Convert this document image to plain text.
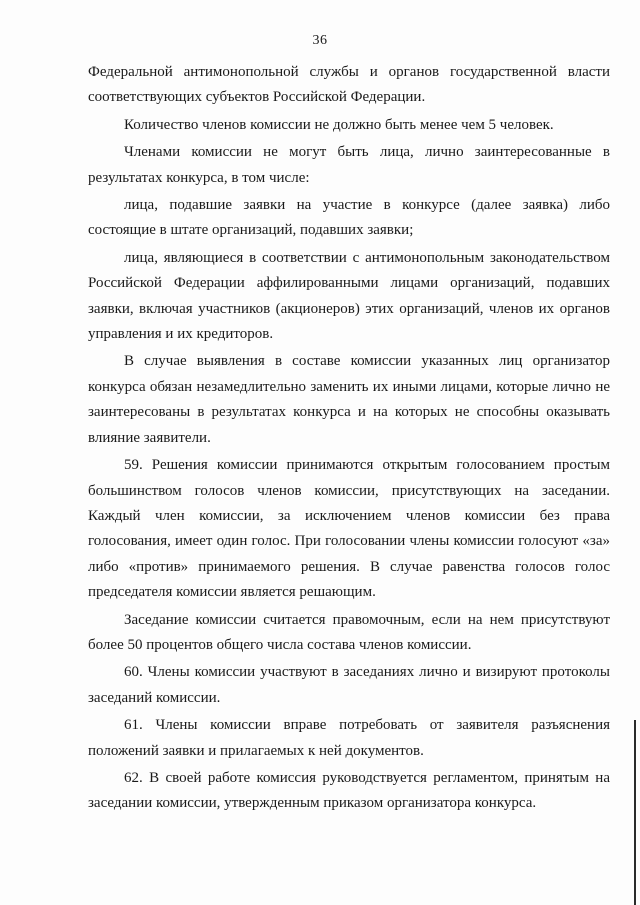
36

Федеральной антимонопольной службы и органов государственной власти соответствующих субъектов Российской Федерации.

Количество членов комиссии не должно быть менее чем 5 человек.

Членами комиссии не могут быть лица, лично заинтересованные в результатах конкурса, в том числе:

лица, подавшие заявки на участие в конкурсе (далее заявка) либо состоящие в штате организаций, подавших заявки;

лица, являющиеся в соответствии с антимонопольным законодательством Российской Федерации аффилированными лицами организаций, подавших заявки, включая участников (акционеров) этих организаций, членов их органов управления и их кредиторов.

В случае выявления в составе комиссии указанных лиц организатор конкурса обязан незамедлительно заменить их иными лицами, которые лично не заинтересованы в результатах конкурса и на которых не способны оказывать влияние заявители.

59. Решения комиссии принимаются открытым голосованием простым большинством голосов членов комиссии, присутствующих на заседании. Каждый член комиссии, за исключением членов комиссии без права голосования, имеет один голос. При голосовании члены комиссии голосуют «за» либо «против» принимаемого решения. В случае равенства голосов голос председателя комиссии является решающим.

Заседание комиссии считается правомочным, если на нем присутствуют более 50 процентов общего числа состава членов комиссии.

60. Члены комиссии участвуют в заседаниях лично и визируют протоколы заседаний комиссии.

61. Члены комиссии вправе потребовать от заявителя разъяснения положений заявки и прилагаемых к ней документов.

62. В своей работе комиссия руководствуется регламентом, принятым на заседании комиссии, утвержденным приказом организатора конкурса.
